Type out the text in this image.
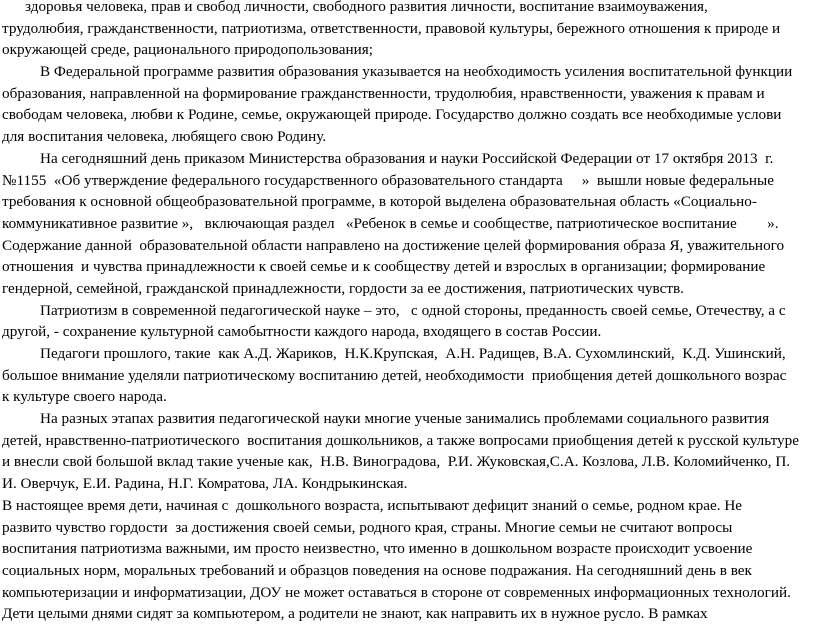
здоровья человека, прав и свобод личности, свободного развития личности, воспитание взаимоуважения,
трудолюбия, гражданственности, патриотизма, ответственности, правовой культуры, бережного отношения к природе и
окружающей среде, рационального природопользования;
В Федеральной программе развития образования указывается на необходимость усиления воспитательной функции
образования, направленной на формирование гражданственности, трудолюбия, нравственности, уважения к правам и
свободам человека, любви к Родине, семье, окружающей природе. Государство должно создать все необходимые услови
для воспитания человека, любящего свою Родину.
На сегодняшний день приказом Министерства образования и науки Российской Федерации от 17 октября 2013  г.
№1155  «Об утверждение федерального государственного образовательного стандарта     »  вышли новые федеральные
требования к основной общеобразовательной программе, в которой выделена образовательная область «Социально-
коммуникативное развитие »,   включающая раздел   «Ребенок в семье и сообществе, патриотическое воспитание        ».
Содержание данной  образовательной области направлено на достижение целей формирования образа Я, уважительного
отношения  и чувства принадлежности к своей семье и к сообществу детей и взрослых в организации; формирование
гендерной, семейной, гражданской принадлежности, гордости за ее достижения, патриотических чувств.
Патриотизм в современной педагогической науке – это,   с одной стороны, преданность своей семье, Отечеству, а с
другой, - сохранение культурной самобытности каждого народа, входящего в состав России.
Педагоги прошлого, такие  как А.Д. Жариков,  Н.К.Крупская,  А.Н. Радищев, В.А. Сухомлинский,  К.Д. Ушинский,
большое внимание уделяли патриотическому воспитанию детей, необходимости  приобщения детей дошкольного возрас
к культуре своего народа.
На разных этапах развития педагогической науки многие ученые занимались проблемами социального развития
детей, нравственно-патриотического  воспитания дошкольников, а также вопросами приобщения детей к русской культуре
и внесли свой большой вклад такие ученые как,  Н.В. Виноградова,  Р.И. Жуковская,С.А. Козлова, Л.В. Коломийченко, П.
И. Оверчук, Е.И. Радина, Н.Г. Комратова, ЛА. Кондрыкинская.
В настоящее время дети, начиная с  дошкольного возраста, испытывают дефицит знаний о семье, родном крае. Не
развито чувство гордости  за достижения своей семьи, родного края, страны. Многие семьи не считают вопросы
воспитания патриотизма важными, им просто неизвестно, что именно в дошкольном возрасте происходит усвоение
социальных норм, моральных требований и образцов поведения на основе подражания. На сегодняшний день в век
компьютеризации и информатизации, ДОУ не может оставаться в стороне от современных информационных технологий.
Дети целыми днями сидят за компьютером, а родители не знают, как направить их в нужное русло. В рамках
